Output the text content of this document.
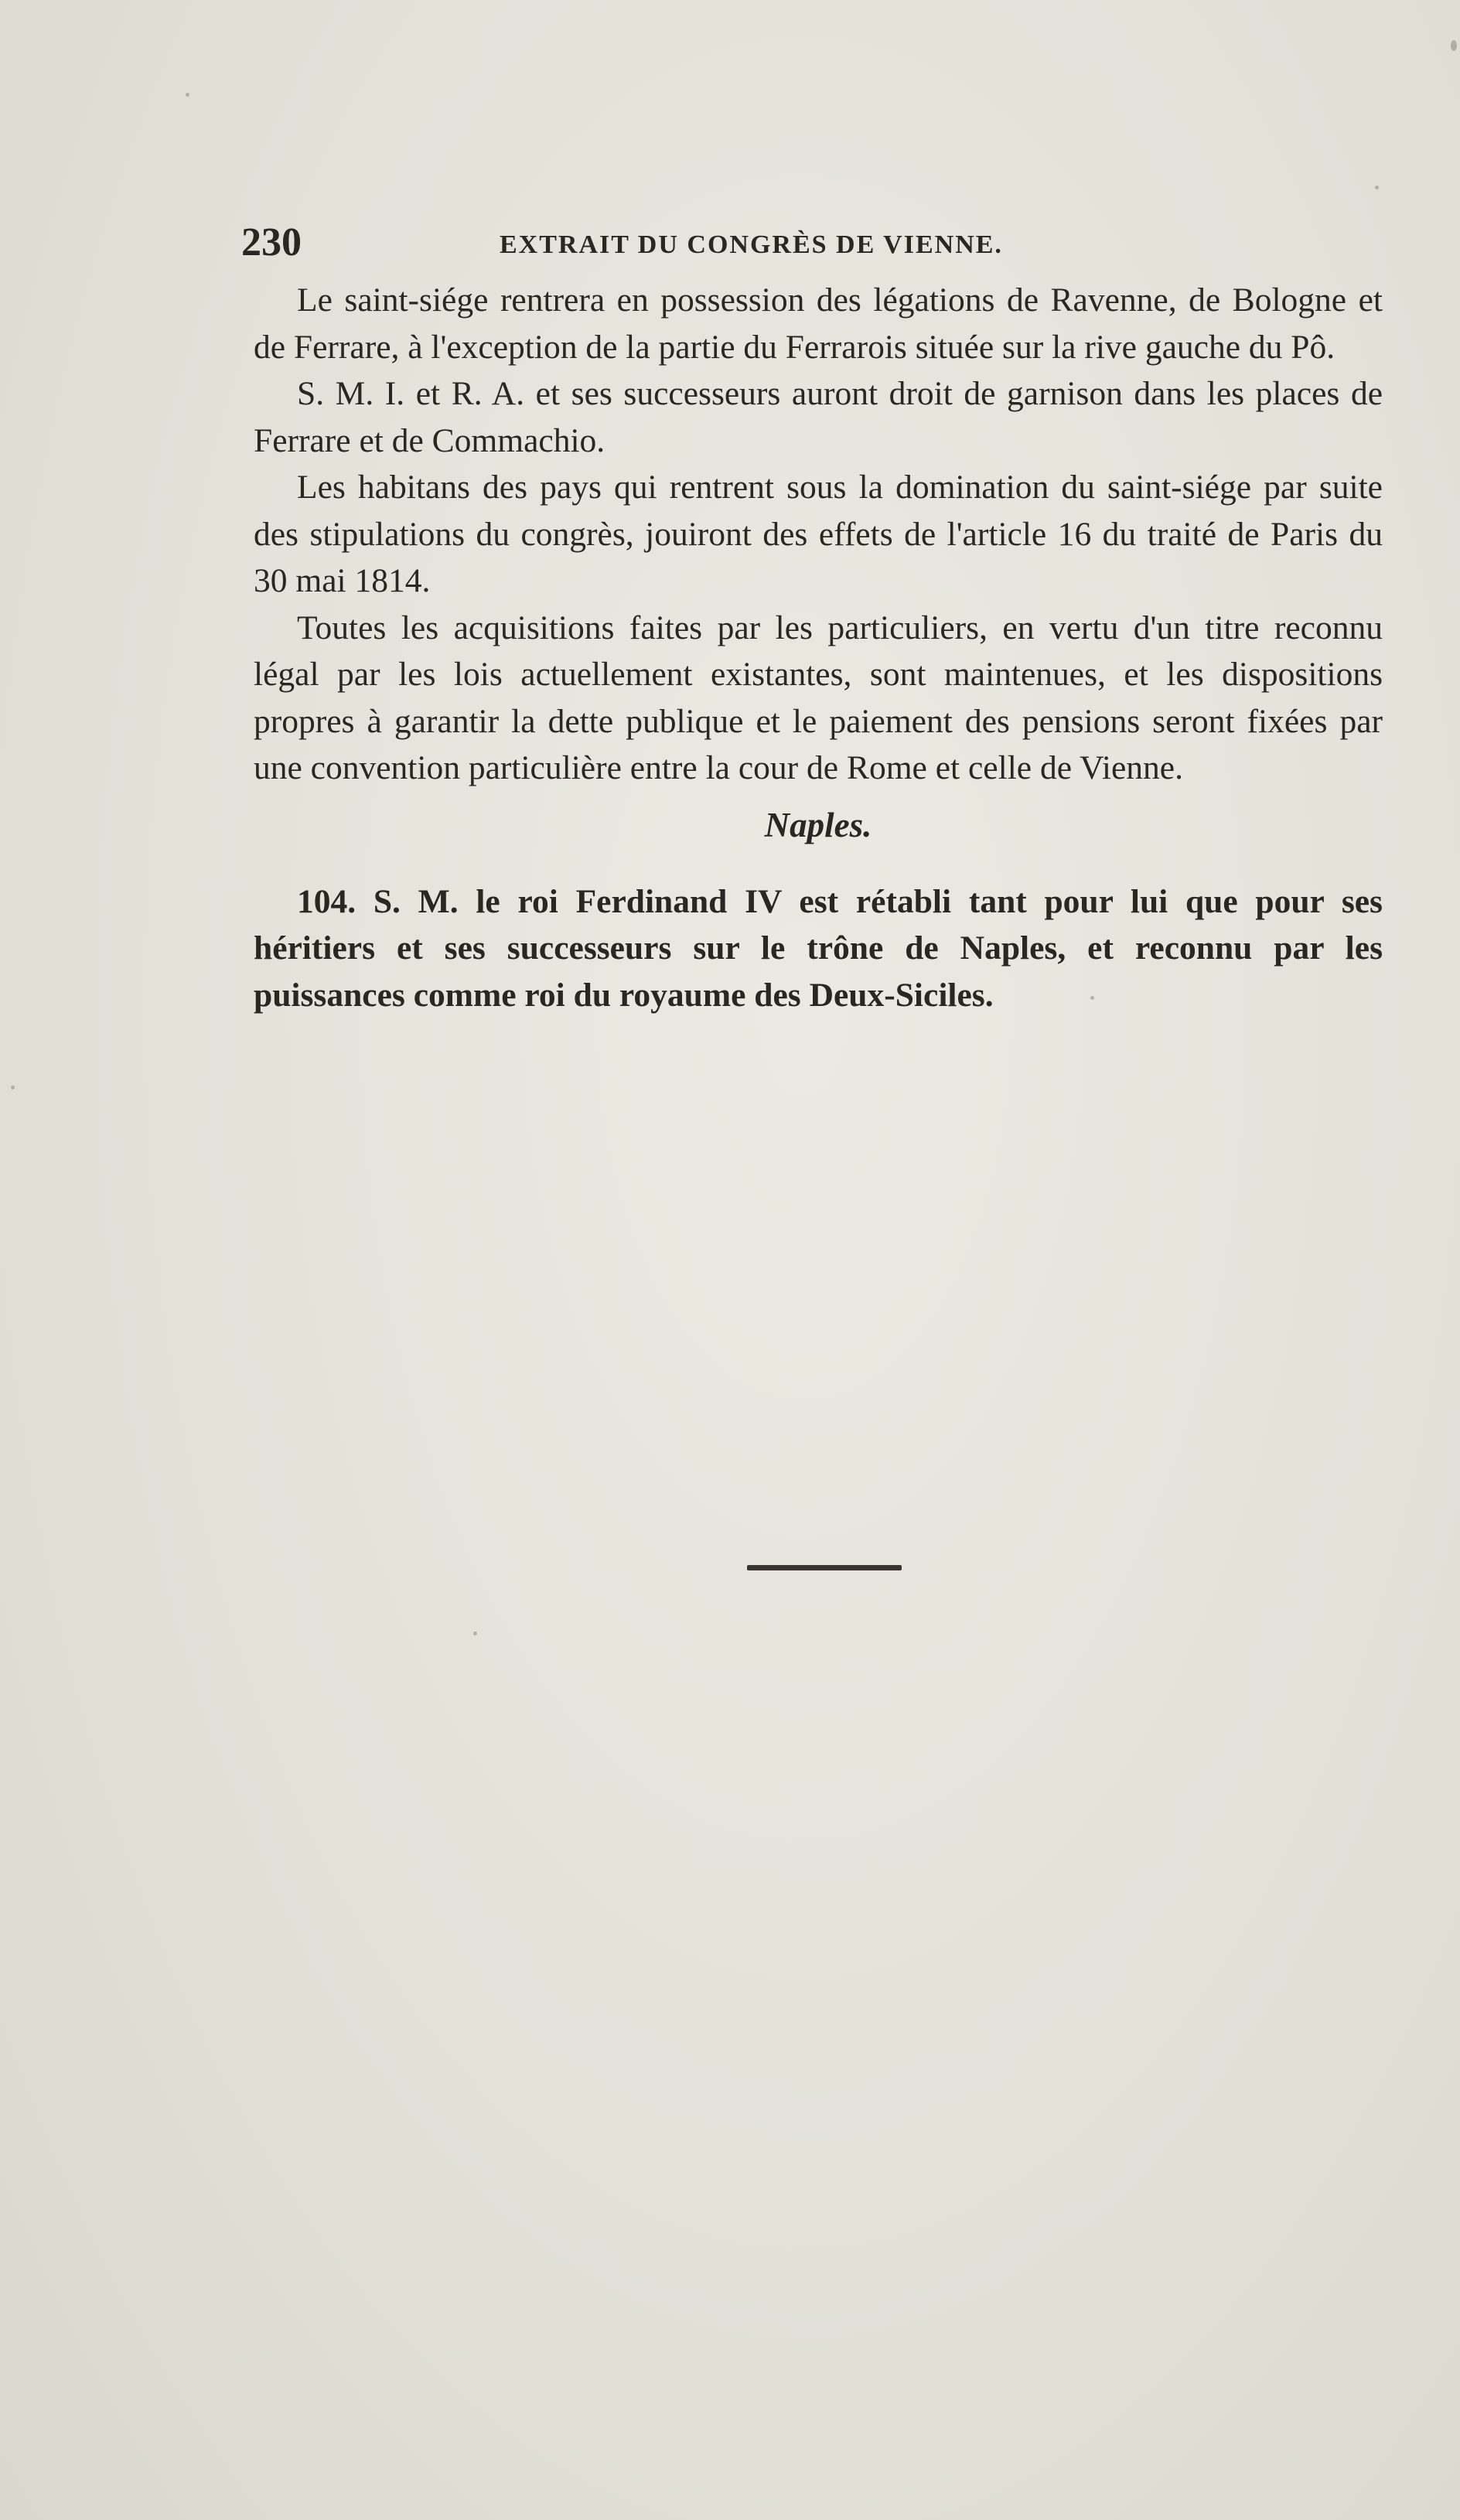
230	EXTRAIT DU CONGRÈS DE VIENNE.

Le saint-siége rentrera en possession des légations de Ravenne, de Bologne et de Ferrare, à l'exception de la partie du Ferrarois située sur la rive gauche du Pô.

S. M. I. et R. A. et ses successeurs auront droit de garnison dans les places de Ferrare et de Commachio.

Les habitans des pays qui rentrent sous la domination du saint-siége par suite des stipulations du congrès, jouiront des effets de l'article 16 du traité de Paris du 30 mai 1814.

Toutes les acquisitions faites par les particuliers, en vertu d'un titre reconnu légal par les lois actuellement existantes, sont maintenues, et les dispositions propres à garantir la dette publique et le paiement des pensions seront fixées par une convention particulière entre la cour de Rome et celle de Vienne.

Naples.

104. S. M. le roi Ferdinand IV est rétabli tant pour lui que pour ses héritiers et ses successeurs sur le trône de Naples, et reconnu par les puissances comme roi du royaume des Deux-Siciles.
